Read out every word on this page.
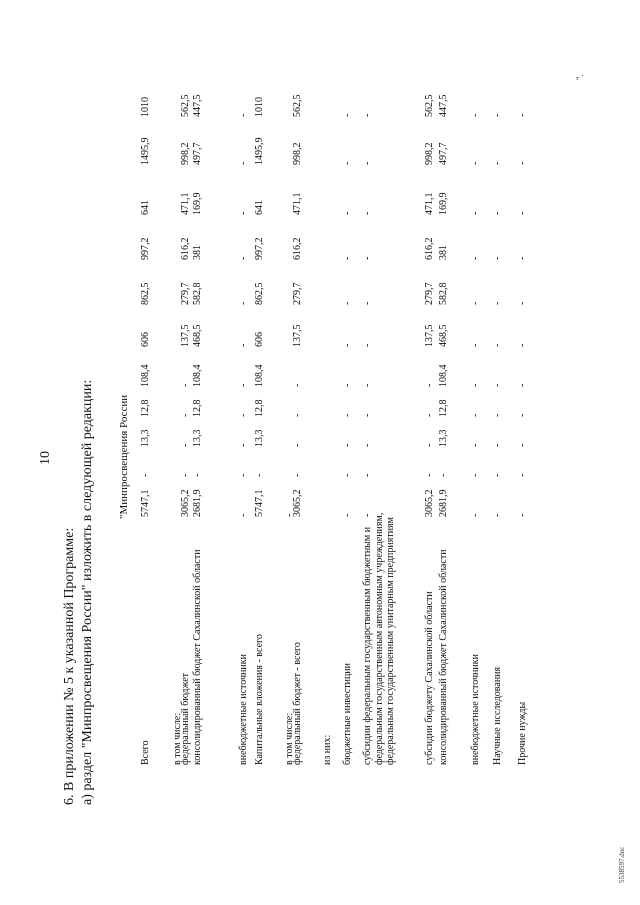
10
6. В приложении № 5 к указанной Программе: а) раздел "Минпросвещения России" изложить в следующей редакции: "Минпросвещения России
Всего
5747,1
-
13,3
12,8
108,4
606
862,5
997,2
641
1495,9
1010
в том числе:
федеральный бюджет
3065,2
-
-
-
-
137,5
279,7
616,2
471,1
998,2
562,5
консолидированный бюджет Сахалинской области
2681,9
-
13,3
12,8
108,4
468,5
582,8
381
169,9
497,7
447,5
внебюджетные источники
-
-
-
-
-
-
-
-
-
-
-
Капитальные вложения - всего
5747,1
-
13,3
12,8
108,4
606
862,5
997,2
641
1495,9
1010
в том числе:
-
федеральный бюджет - всего
3065,2
-
-
-
-
137,5
279,7
616,2
471,1
998,2
562,5
из них: бюджетные инвестиции
-
-
-
-
-
-
-
-
-
-
-
субсидии федеральным государственным бюджетным и федеральным государственным автономным учреждениям, федеральным государственным унитарным предприятиям
-
-
-
-
-
-
-
-
-
-
-
субсидии бюджету Сахалинской области
3065,2
-
-
-
-
137,5
279,7
616,2
471,1
998,2
562,5
консолидированный бюджет Сахалинской области
2681,9
-
13,3
12,8
108,4
468,5
582,8
381
169,9
497,7
447,5
внебюджетные источники
-
-
-
-
-
-
-
-
-
-
-
Научные исследования
-
-
-
-
-
-
-
-
-
-
-
Прочие нужды
-
-
-
-
-
-
-
-
-
-
-
".
5538597.doc
